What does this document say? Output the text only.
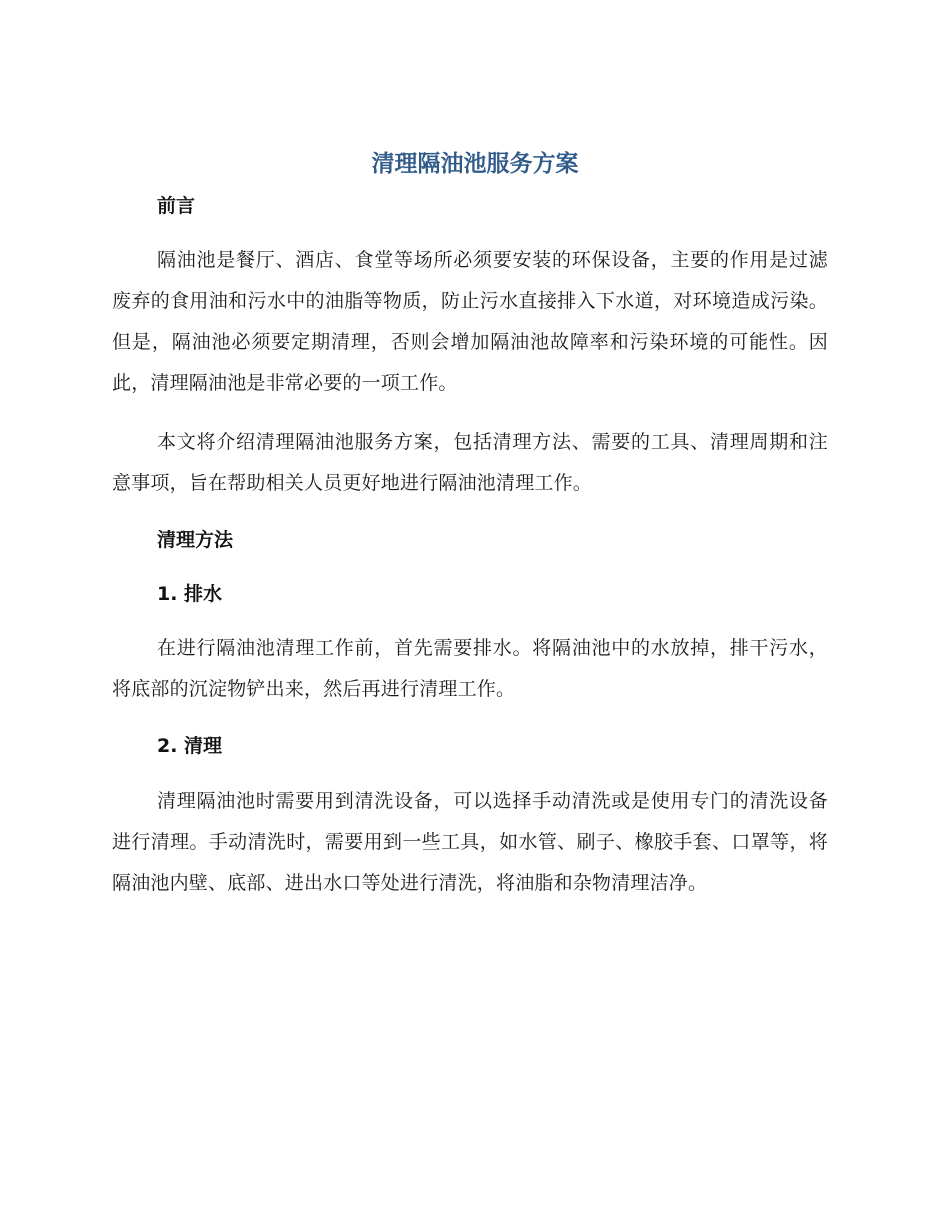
清理隔油池服务方案
前言

隔油池是餐厅、酒店、食堂等场所必须要安装的环保设备，主要的作用是过滤废弃的食用油和污水中的油脂等物质，防止污水直接排入下水道，对环境造成污染。但是，隔油池必须要定期清理，否则会增加隔油池故障率和污染环境的可能性。因此，清理隔油池是非常必要的一项工作。

本文将介绍清理隔油池服务方案，包括清理方法、需要的工具、清理周期和注意事项，旨在帮助相关人员更好地进行隔油池清理工作。

清理方法
1. 排水

在进行隔油池清理工作前，首先需要排水。将隔油池中的水放掉，排干污水，将底部的沉淀物铲出来，然后再进行清理工作。

2. 清理

清理隔油池时需要用到清洗设备，可以选择手动清洗或是使用专门的清洗设备进行清理。手动清洗时，需要用到一些工具，如水管、刷子、橡胶手套、口罩等，将隔油池内壁、底部、进出水口等处进行清洗，将油脂和杂物清理洁净。
